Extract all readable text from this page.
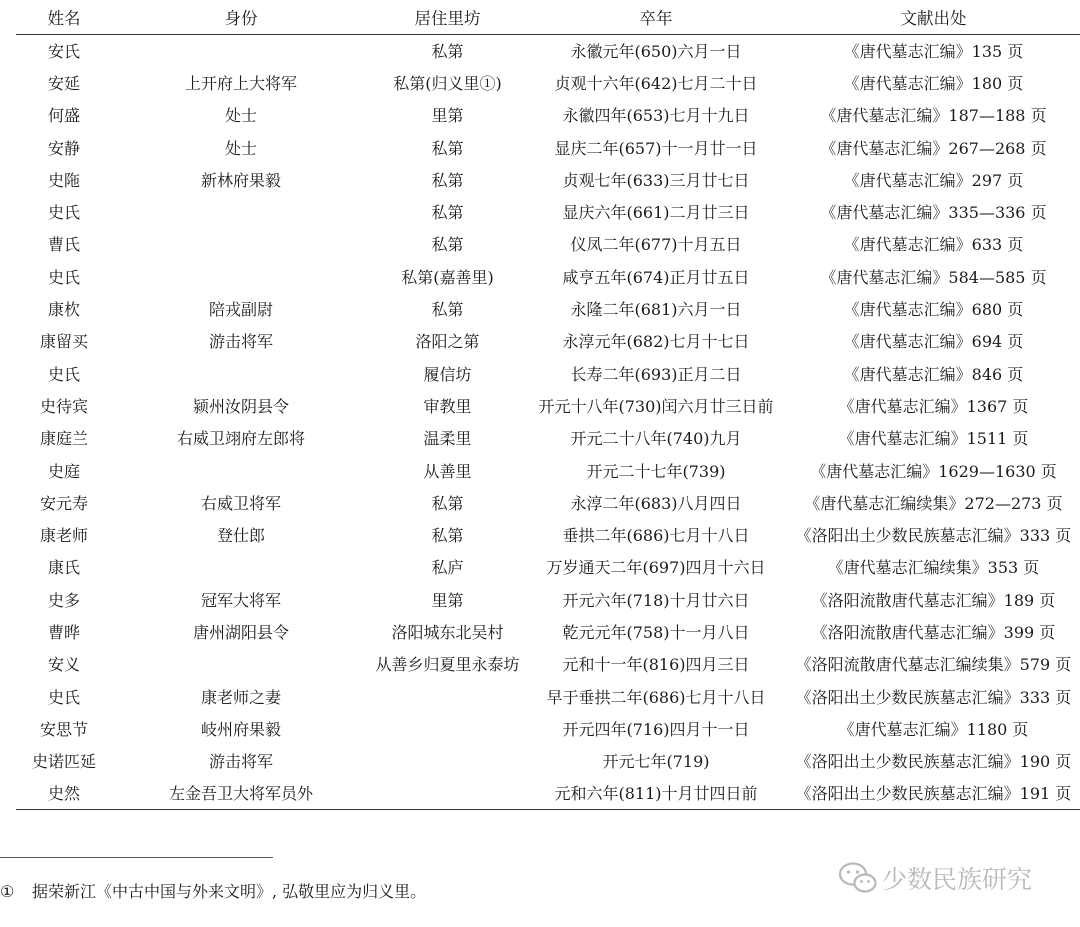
姓名	身份	居住里坊	卒年	文献出处
安氏		私第	永徽元年(650)六月一日	《唐代墓志汇编》135 页
安延	上开府上大将军	私第(归义里①)	贞观十六年(642)七月二十日	《唐代墓志汇编》180 页
何盛	处士	里第	永徽四年(653)七月十九日	《唐代墓志汇编》187—188 页
安静	处士	私第	显庆二年(657)十一月廿一日	《唐代墓志汇编》267—268 页
史陁	新林府果毅	私第	贞观七年(633)三月廿七日	《唐代墓志汇编》297 页
史氏		私第	显庆六年(661)二月廿三日	《唐代墓志汇编》335—336 页
曹氏		私第	仪凤二年(677)十月五日	《唐代墓志汇编》633 页
史氏		私第(嘉善里)	咸亨五年(674)正月廿五日	《唐代墓志汇编》584—585 页
康杴	陪戎副尉	私第	永隆二年(681)六月一日	《唐代墓志汇编》680 页
康留买	游击将军	洛阳之第	永淳元年(682)七月十七日	《唐代墓志汇编》694 页
史氏		履信坊	长寿二年(693)正月二日	《唐代墓志汇编》846 页
史待宾	颍州汝阴县令	审教里	开元十八年(730)闰六月廿三日前	《唐代墓志汇编》1367 页
康庭兰	右威卫翊府左郎将	温柔里	开元二十八年(740)九月	《唐代墓志汇编》1511 页
史庭		从善里	开元二十七年(739)	《唐代墓志汇编》1629—1630 页
安元寿	右威卫将军	私第	永淳二年(683)八月四日	《唐代墓志汇编续集》272—273 页
康老师	登仕郎	私第	垂拱二年(686)七月十八日	《洛阳出土少数民族墓志汇编》333 页
康氏		私庐	万岁通天二年(697)四月十六日	《唐代墓志汇编续集》353 页
史多	冠军大将军	里第	开元六年(718)十月廿六日	《洛阳流散唐代墓志汇编》189 页
曹晔	唐州湖阳县令	洛阳城东北吴村	乾元元年(758)十一月八日	《洛阳流散唐代墓志汇编》399 页
安义		从善乡归夏里永泰坊	元和十一年(816)四月三日	《洛阳流散唐代墓志汇编续集》579 页
史氏	康老师之妻		早于垂拱二年(686)七月十八日	《洛阳出土少数民族墓志汇编》333 页
安思节	岐州府果毅		开元四年(716)四月十一日	《唐代墓志汇编》1180 页
史诺匹延	游击将军		开元七年(719)	《洛阳出土少数民族墓志汇编》190 页
史然	左金吾卫大将军员外		元和六年(811)十月廿四日前	《洛阳出土少数民族墓志汇编》191 页
① 据荣新江《中古中国与外来文明》, 弘敬里应为归义里。	少数民族研究
